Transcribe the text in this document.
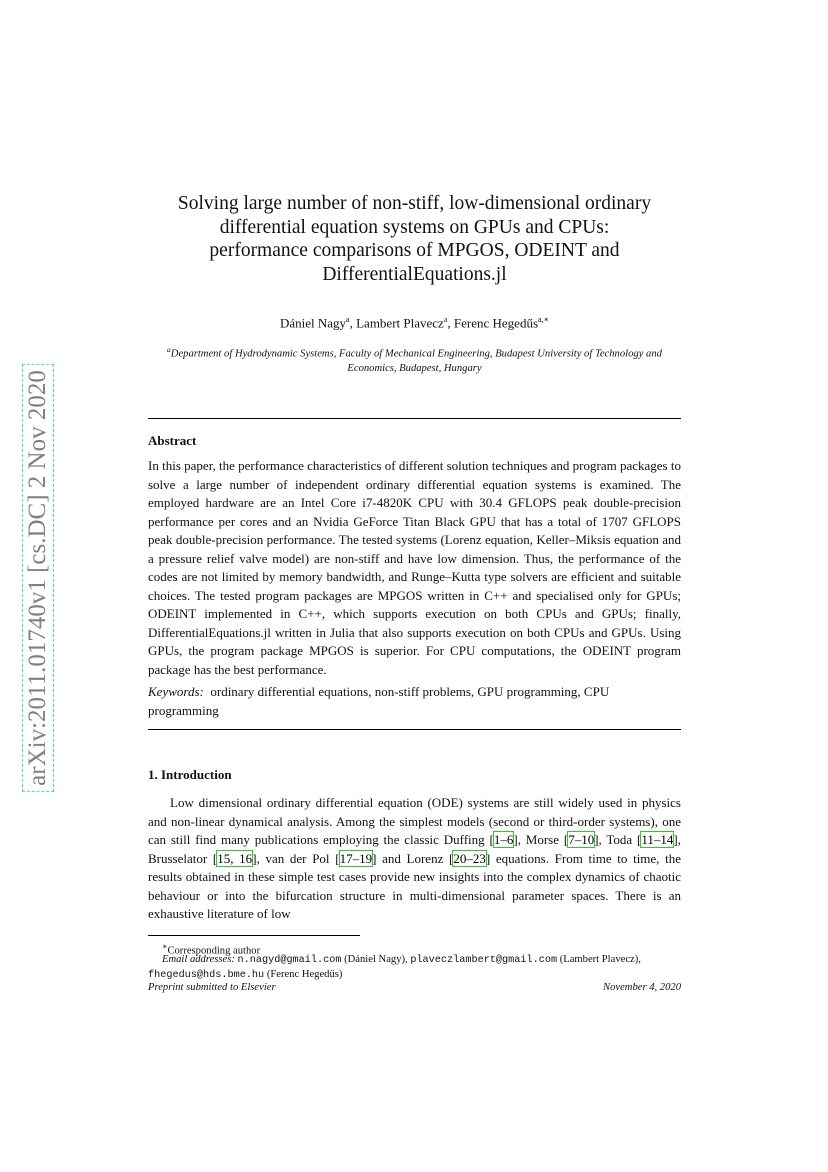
arXiv:2011.01740v1 [cs.DC] 2 Nov 2020
Solving large number of non-stiff, low-dimensional ordinary
differential equation systems on GPUs and CPUs:
performance comparisons of MPGOS, ODEINT and
DifferentialEquations.jl
Dániel Nagy$^a$, Lambert Plavecz$^a$, Ferenc Hegedűs$^{a,∗}$
$^a$Department of Hydrodynamic Systems, Faculty of Mechanical Engineering, Budapest University of Technology and Economics, Budapest, Hungary
Abstract
In this paper, the performance characteristics of different solution techniques and program packages to solve a large number of independent ordinary differential equation systems is examined. The employed hardware are an Intel Core i7-4820K CPU with 30.4 GFLOPS peak double-precision performance per cores and an Nvidia GeForce Titan Black GPU that has a total of 1707 GFLOPS peak double-precision performance. The tested systems (Lorenz equation, Keller–Miksis equation and a pressure relief valve model) are non-stiff and have low dimension. Thus, the performance of the codes are not limited by memory bandwidth, and Runge–Kutta type solvers are efficient and suitable choices. The tested program packages are MPGOS written in C++ and specialised only for GPUs; ODEINT implemented in C++, which supports execution on both CPUs and GPUs; finally, DifferentialEquations.jl written in Julia that also supports execution on both CPUs and GPUs. Using GPUs, the program package MPGOS is superior. For CPU computations, the ODEINT program package has the best performance.
Keywords: ordinary differential equations, non-stiff problems, GPU programming, CPU programming
1. Introduction
Low dimensional ordinary differential equation (ODE) systems are still widely used in physics and non-linear dynamical analysis. Among the simplest models (second or third-order systems), one can still find many publications employing the classic Duffing [1–6], Morse [7–10], Toda [11–14], Brusselator [15, 16], van der Pol [17–19] and Lorenz [20–23] equations. From time to time, the results obtained in these simple test cases provide new insights into the complex dynamics of chaotic behaviour or into the bifurcation structure in multi-dimensional parameter spaces. There is an exhaustive literature of low
∗Corresponding author
Email addresses: n.nagyd@gmail.com (Dániel Nagy), plaveczlambert@gmail.com (Lambert Plavecz), fhegedus@hds.bme.hu (Ferenc Hegedűs)
Preprint submitted to Elsevier	November 4, 2020
